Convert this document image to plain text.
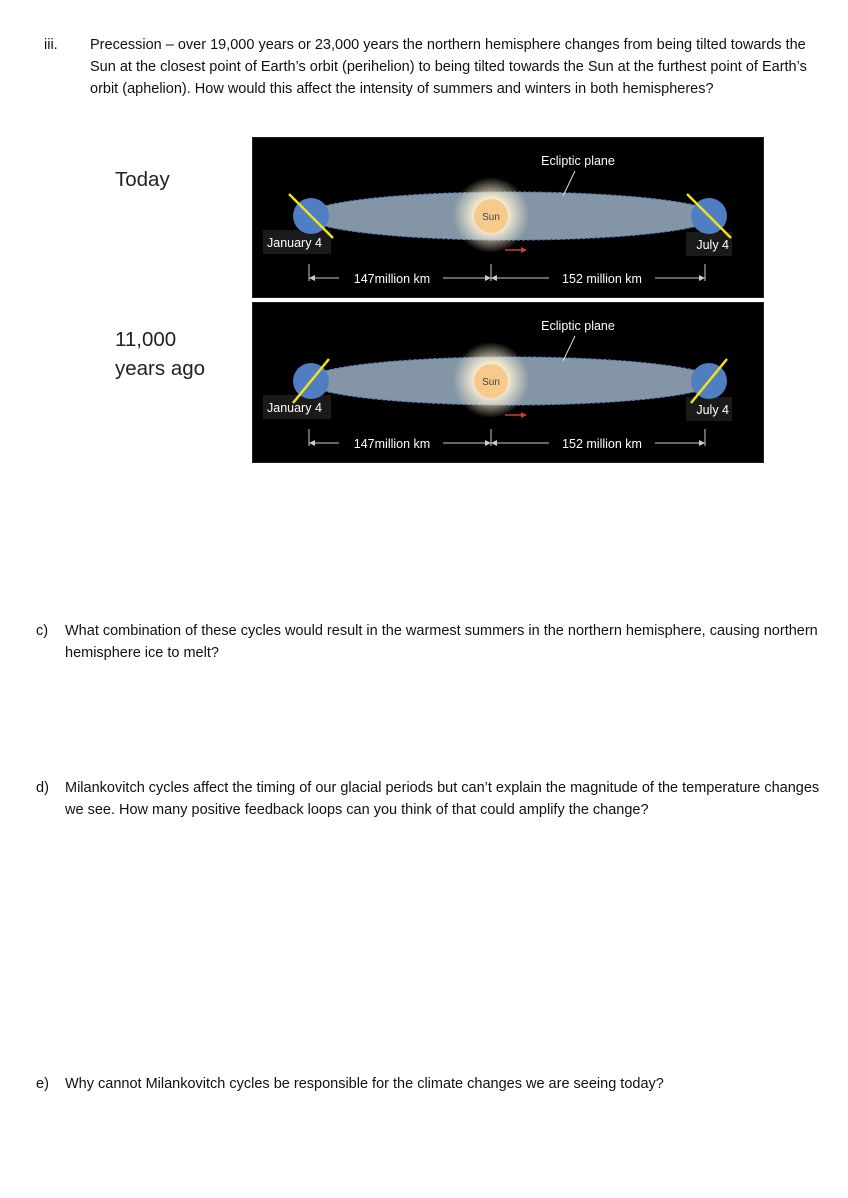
iii. Precession – over 19,000 years or 23,000 years the northern hemisphere changes from being tilted towards the Sun at the closest point of Earth’s orbit (perihelion) to being tilted towards the Sun at the furthest point of Earth’s orbit (aphelion). How would this affect the intensity of summers and winters in both hemispheres?
Today
11,000
years ago
Sun
Ecliptic plane
January 4	July 4
147million km	152 million km
Sun
Ecliptic plane
January 4	July 4
147million km	152 million km
c) What combination of these cycles would result in the warmest summers in the northern hemisphere, causing northern hemisphere ice to melt?
d) Milankovitch cycles affect the timing of our glacial periods but can’t explain the magnitude of the temperature changes we see. How many positive feedback loops can you think of that could amplify the change?
e) Why cannot Milankovitch cycles be responsible for the climate changes we are seeing today?
